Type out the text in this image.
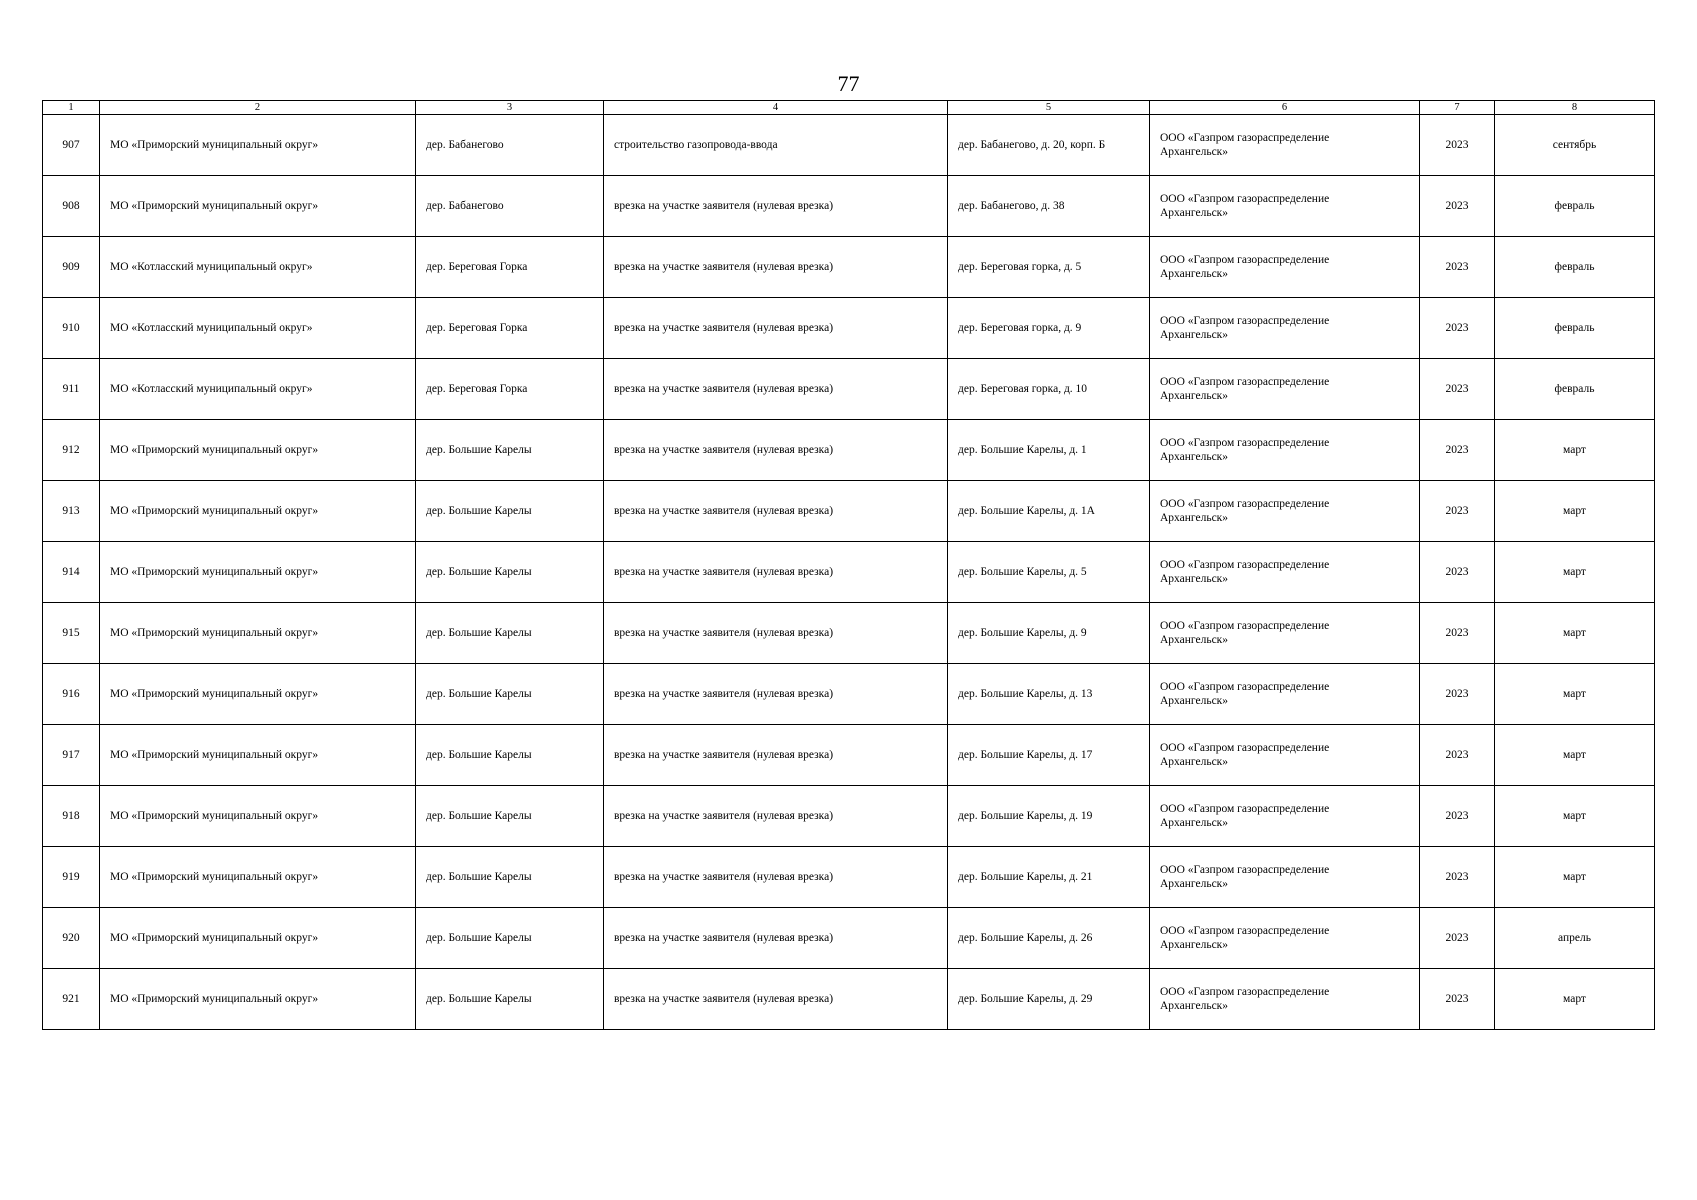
77
1	2	3	4	5	6	7	8
907	МО «Приморский муниципальный округ»	дер. Бабанегово	строительство газопровода-ввода	дер. Бабанегово, д. 20, корп. Б	ООО «Газпром газораспределение
Архангельск»	2023	сентябрь
908	МО «Приморский муниципальный округ»	дер. Бабанегово	врезка на участке заявителя (нулевая врезка)	дер. Бабанегово, д. 38	ООО «Газпром газораспределение
Архангельск»	2023	февраль
909	МО «Котласский муниципальный округ»	дер. Береговая Горка	врезка на участке заявителя (нулевая врезка)	дер. Береговая горка, д. 5	ООО «Газпром газораспределение
Архангельск»	2023	февраль
910	МО «Котласский муниципальный округ»	дер. Береговая Горка	врезка на участке заявителя (нулевая врезка)	дер. Береговая горка, д. 9	ООО «Газпром газораспределение
Архангельск»	2023	февраль
911	МО «Котласский муниципальный округ»	дер. Береговая Горка	врезка на участке заявителя (нулевая врезка)	дер. Береговая горка, д. 10	ООО «Газпром газораспределение
Архангельск»	2023	февраль
912	МО «Приморский муниципальный округ»	дер. Большие Карелы	врезка на участке заявителя (нулевая врезка)	дер. Большие Карелы, д. 1	ООО «Газпром газораспределение
Архангельск»	2023	март
913	МО «Приморский муниципальный округ»	дер. Большие Карелы	врезка на участке заявителя (нулевая врезка)	дер. Большие Карелы, д. 1А	ООО «Газпром газораспределение
Архангельск»	2023	март
914	МО «Приморский муниципальный округ»	дер. Большие Карелы	врезка на участке заявителя (нулевая врезка)	дер. Большие Карелы, д. 5	ООО «Газпром газораспределение
Архангельск»	2023	март
915	МО «Приморский муниципальный округ»	дер. Большие Карелы	врезка на участке заявителя (нулевая врезка)	дер. Большие Карелы, д. 9	ООО «Газпром газораспределение
Архангельск»	2023	март
916	МО «Приморский муниципальный округ»	дер. Большие Карелы	врезка на участке заявителя (нулевая врезка)	дер. Большие Карелы, д. 13	ООО «Газпром газораспределение
Архангельск»	2023	март
917	МО «Приморский муниципальный округ»	дер. Большие Карелы	врезка на участке заявителя (нулевая врезка)	дер. Большие Карелы, д. 17	ООО «Газпром газораспределение
Архангельск»	2023	март
918	МО «Приморский муниципальный округ»	дер. Большие Карелы	врезка на участке заявителя (нулевая врезка)	дер. Большие Карелы, д. 19	ООО «Газпром газораспределение
Архангельск»	2023	март
919	МО «Приморский муниципальный округ»	дер. Большие Карелы	врезка на участке заявителя (нулевая врезка)	дер. Большие Карелы, д. 21	ООО «Газпром газораспределение
Архангельск»	2023	март
920	МО «Приморский муниципальный округ»	дер. Большие Карелы	врезка на участке заявителя (нулевая врезка)	дер. Большие Карелы, д. 26	ООО «Газпром газораспределение
Архангельск»	2023	апрель
921	МО «Приморский муниципальный округ»	дер. Большие Карелы	врезка на участке заявителя (нулевая врезка)	дер. Большие Карелы, д. 29	ООО «Газпром газораспределение
Архангельск»	2023	март
